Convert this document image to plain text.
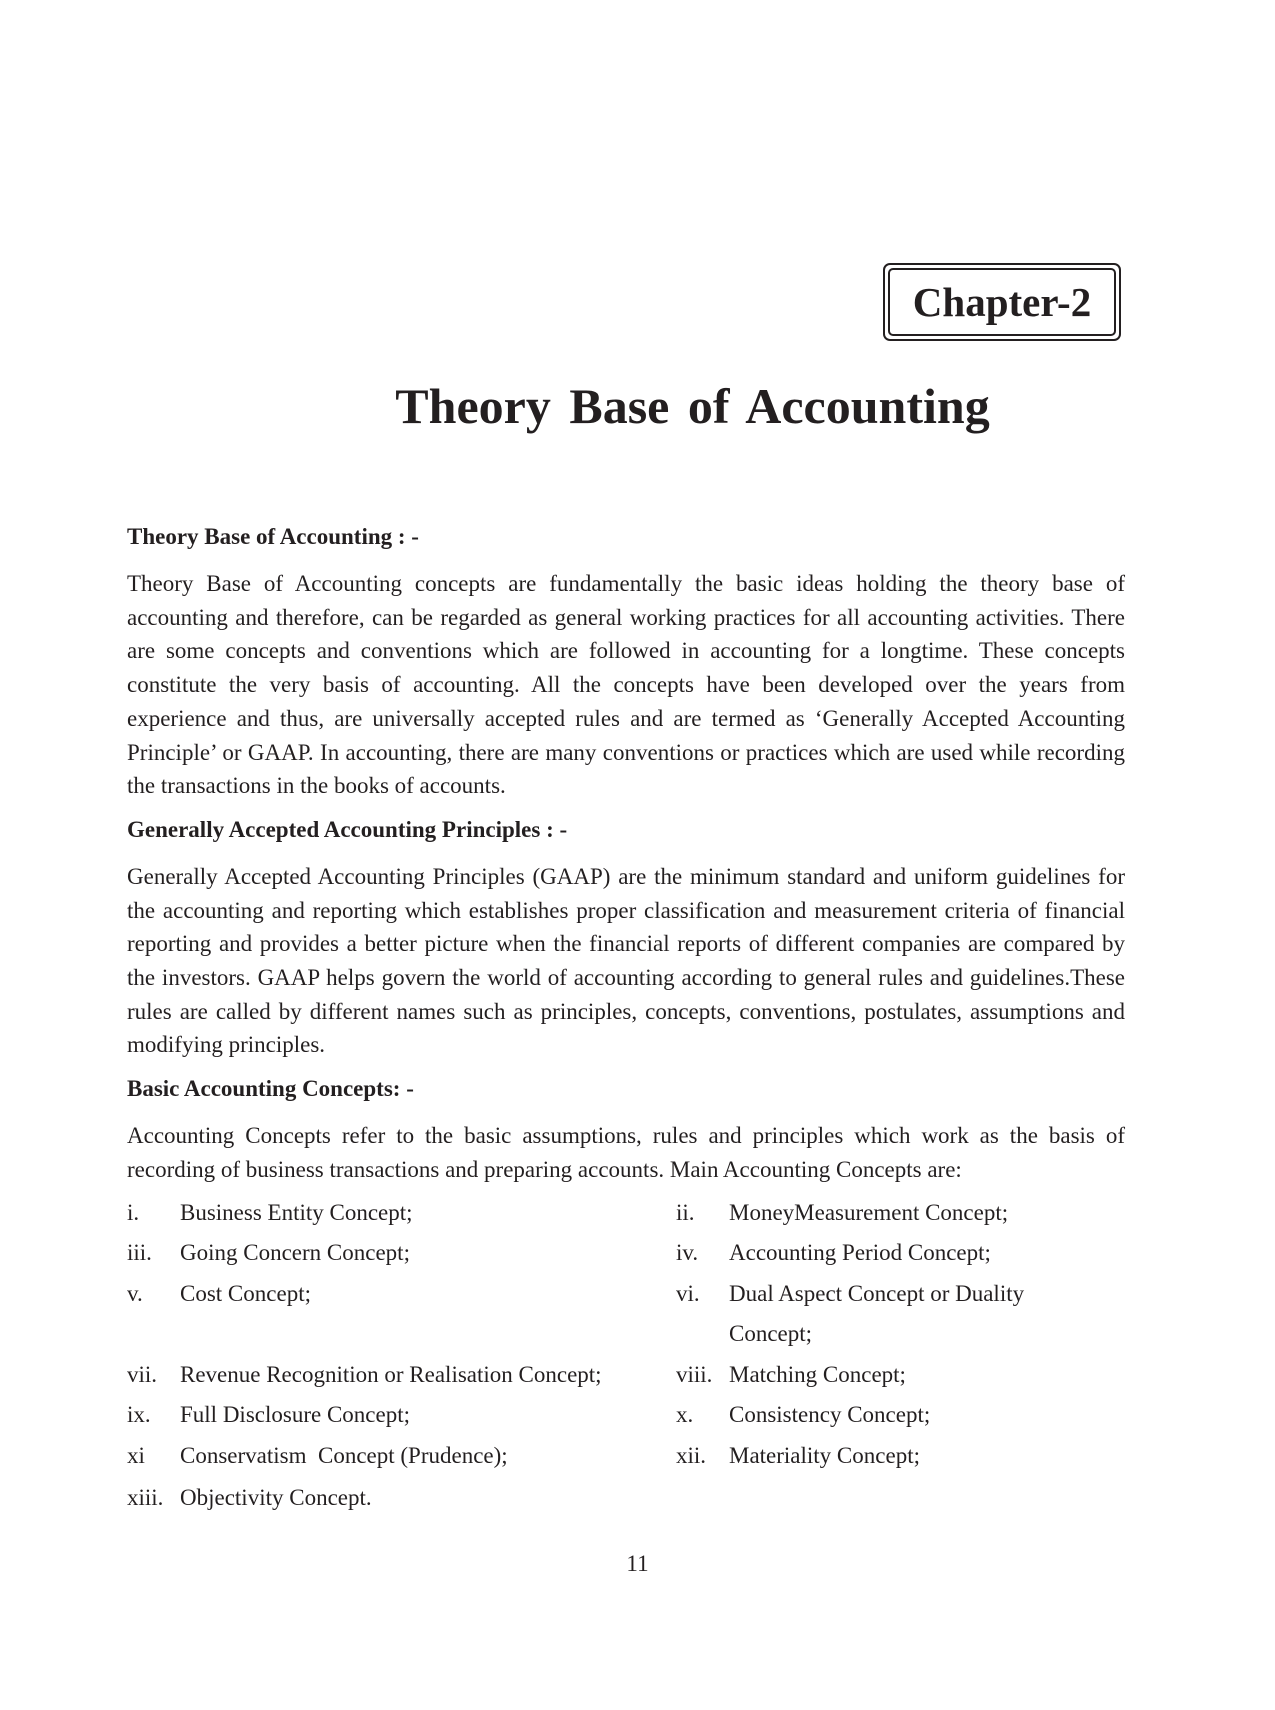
Chapter-2
Theory Base of Accounting
Theory Base of Accounting : -

Theory Base of Accounting concepts are fundamentally the basic ideas holding the theory base of accounting and therefore, can be regarded as general working practices for all accounting activities. There are some concepts and conventions which are followed in accounting for a longtime. These concepts constitute the very basis of accounting. All the concepts have been developed over the years from experience and thus, are universally accepted rules and are termed as ‘Generally Accepted Accounting Principle’ or GAAP. In accounting, there are many conventions or practices which are used while recording the transactions in the books of accounts.

Generally Accepted Accounting Principles : -

Generally Accepted Accounting Principles (GAAP) are the minimum standard and uniform guidelines for the accounting and reporting which establishes proper classification and measurement criteria of financial reporting and provides a better picture when the financial reports of different companies are compared by the investors. GAAP helps govern the world of accounting according to general rules and guidelines.These rules are called by different names such as principles, concepts, conventions, postulates, assumptions and modifying principles.

Basic Accounting Concepts: -

Accounting Concepts refer to the basic assumptions, rules and principles which work as the basis of recording of business transactions and preparing accounts. Main Accounting Concepts are:

i.	Business Entity Concept;	ii.	MoneyMeasurement Concept;
iii.	Going Concern Concept;	iv.	Accounting Period Concept;
v.	Cost Concept;	vi.	Dual Aspect Concept or Duality Concept;
vii. Revenue Recognition or Realisation Concept;	viii. Matching Concept;
ix.	Full Disclosure Concept;	x.	Consistency Concept;
xi	Conservatism  Concept (Prudence);	xii. Materiality Concept;
xiii. Objectivity Concept.
11
